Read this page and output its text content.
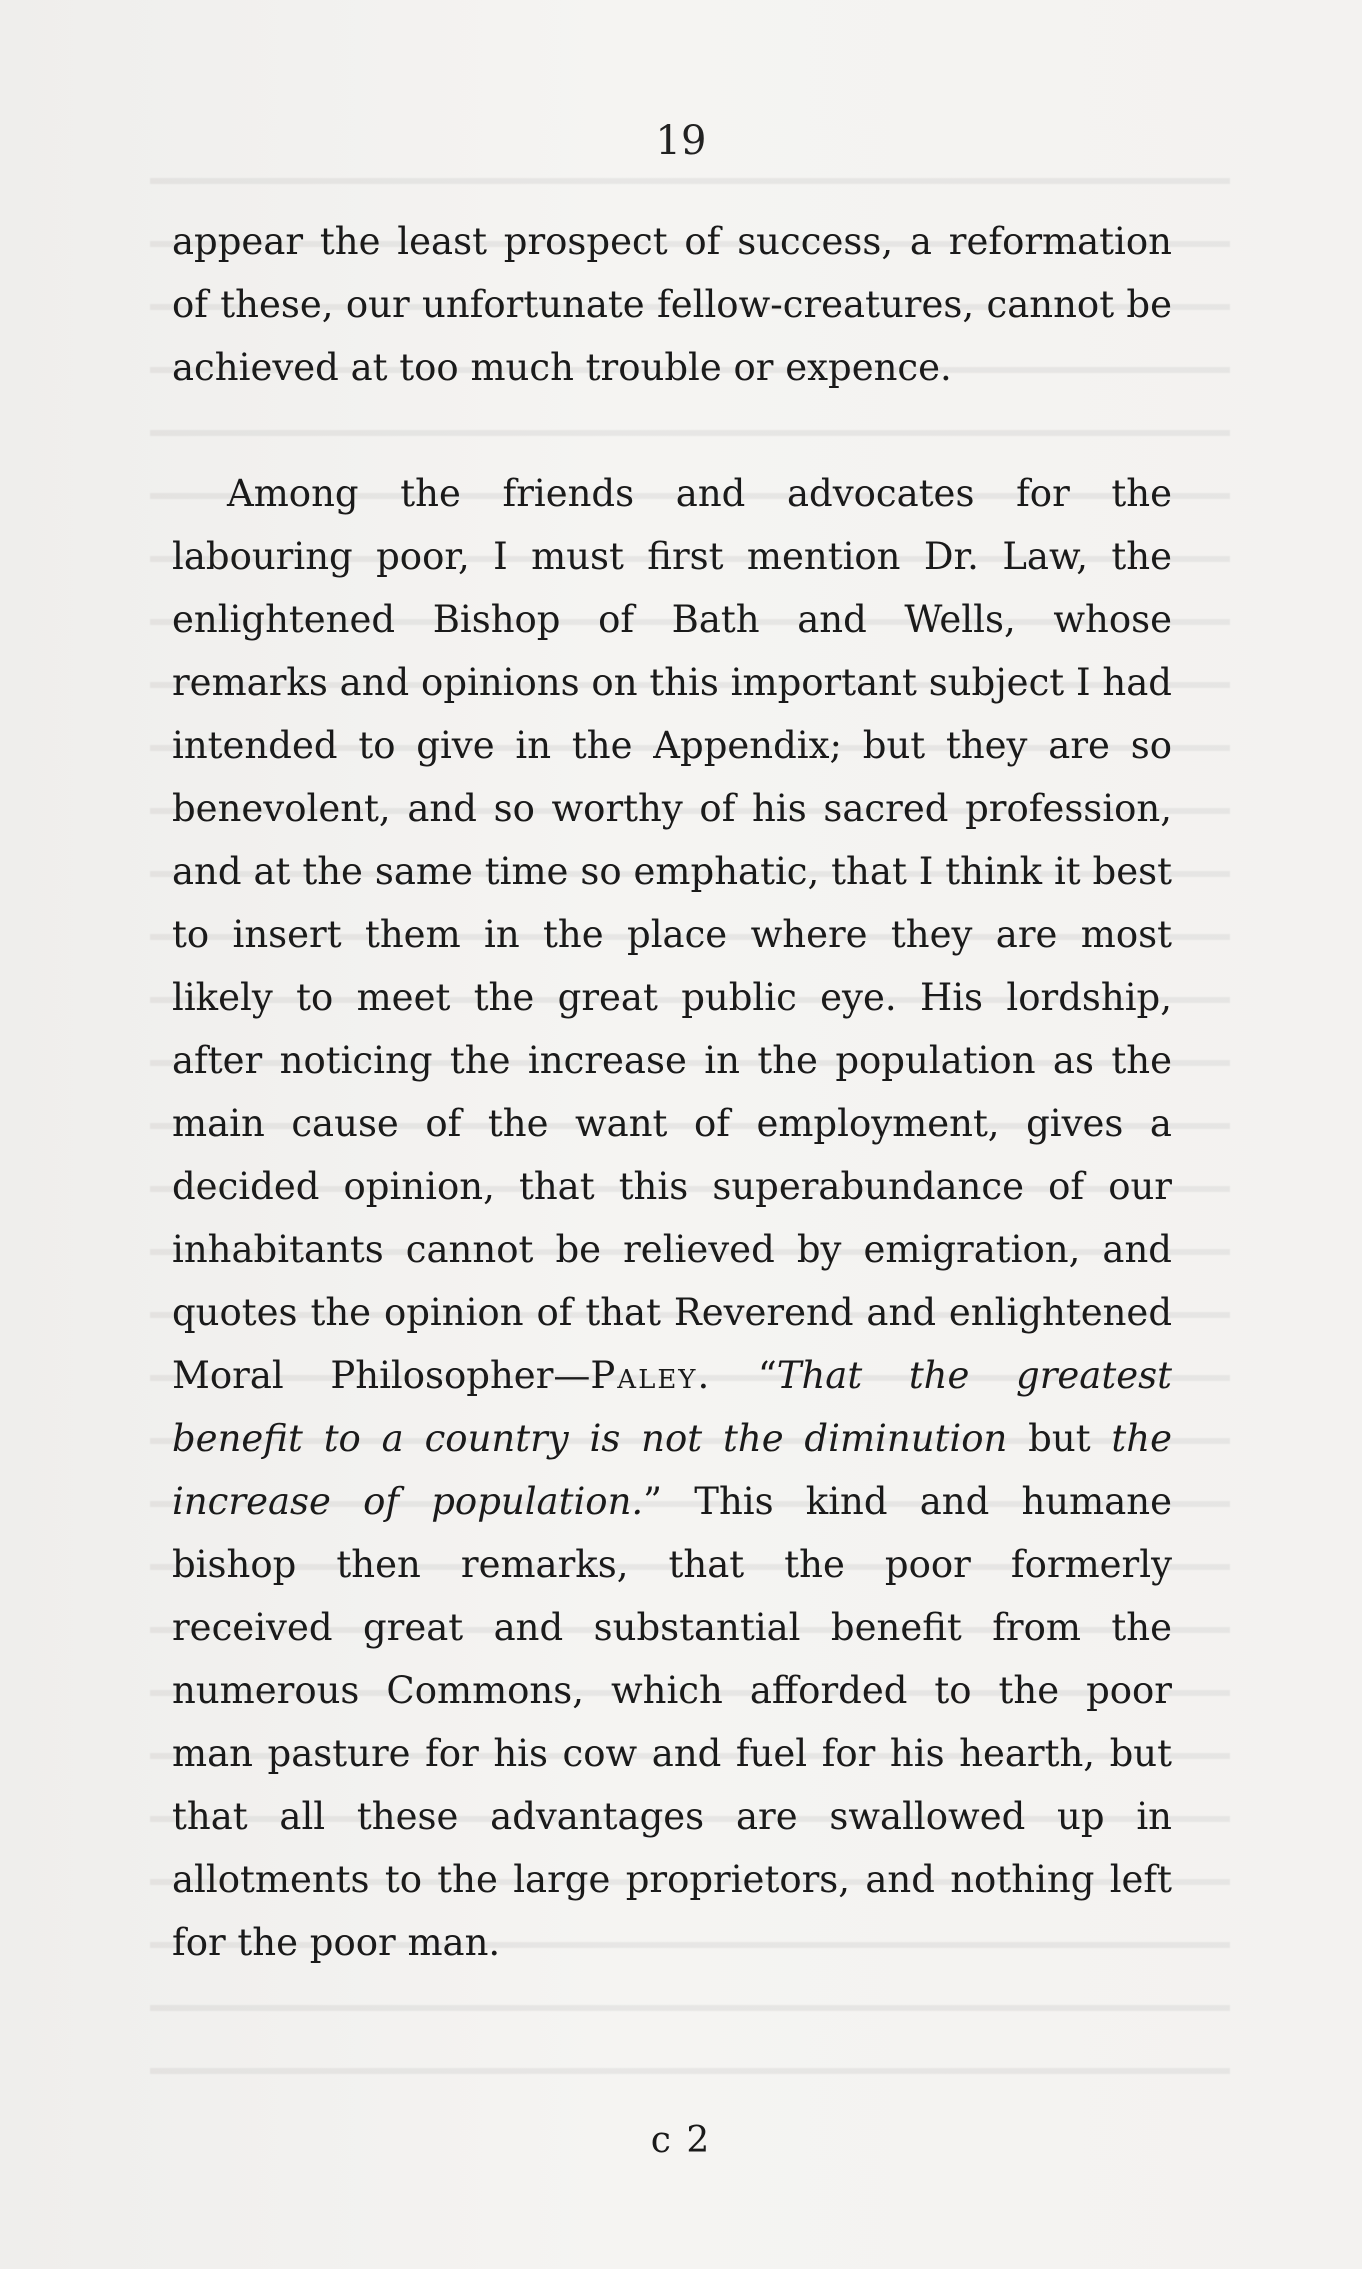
19

appear the least prospect of success, a reformation of these, our unfortunate fellow-creatures, cannot be achieved at too much trouble or expence.

Among the friends and advocates for the labouring poor, I must first mention Dr. Law, the enlightened Bishop of Bath and Wells, whose remarks and opinions on this important subject I had intended to give in the Appendix; but they are so benevolent, and so worthy of his sacred profession, and at the same time so emphatic, that I think it best to insert them in the place where they are most likely to meet the great public eye. His lordship, after noticing the increase in the population as the main cause of the want of employment, gives a decided opinion, that this superabundance of our inhabitants cannot be relieved by emigration, and quotes the opinion of that Reverend and enlightened Moral Philosopher—Paley. “That the greatest benefit to a country is not the diminution but the increase of population.” This kind and humane bishop then remarks, that the poor formerly received great and substantial benefit from the numerous Commons, which afforded to the poor man pasture for his cow and fuel for his hearth, but that all these advantages are swallowed up in allotments to the large proprietors, and nothing left for the poor man.

c 2
